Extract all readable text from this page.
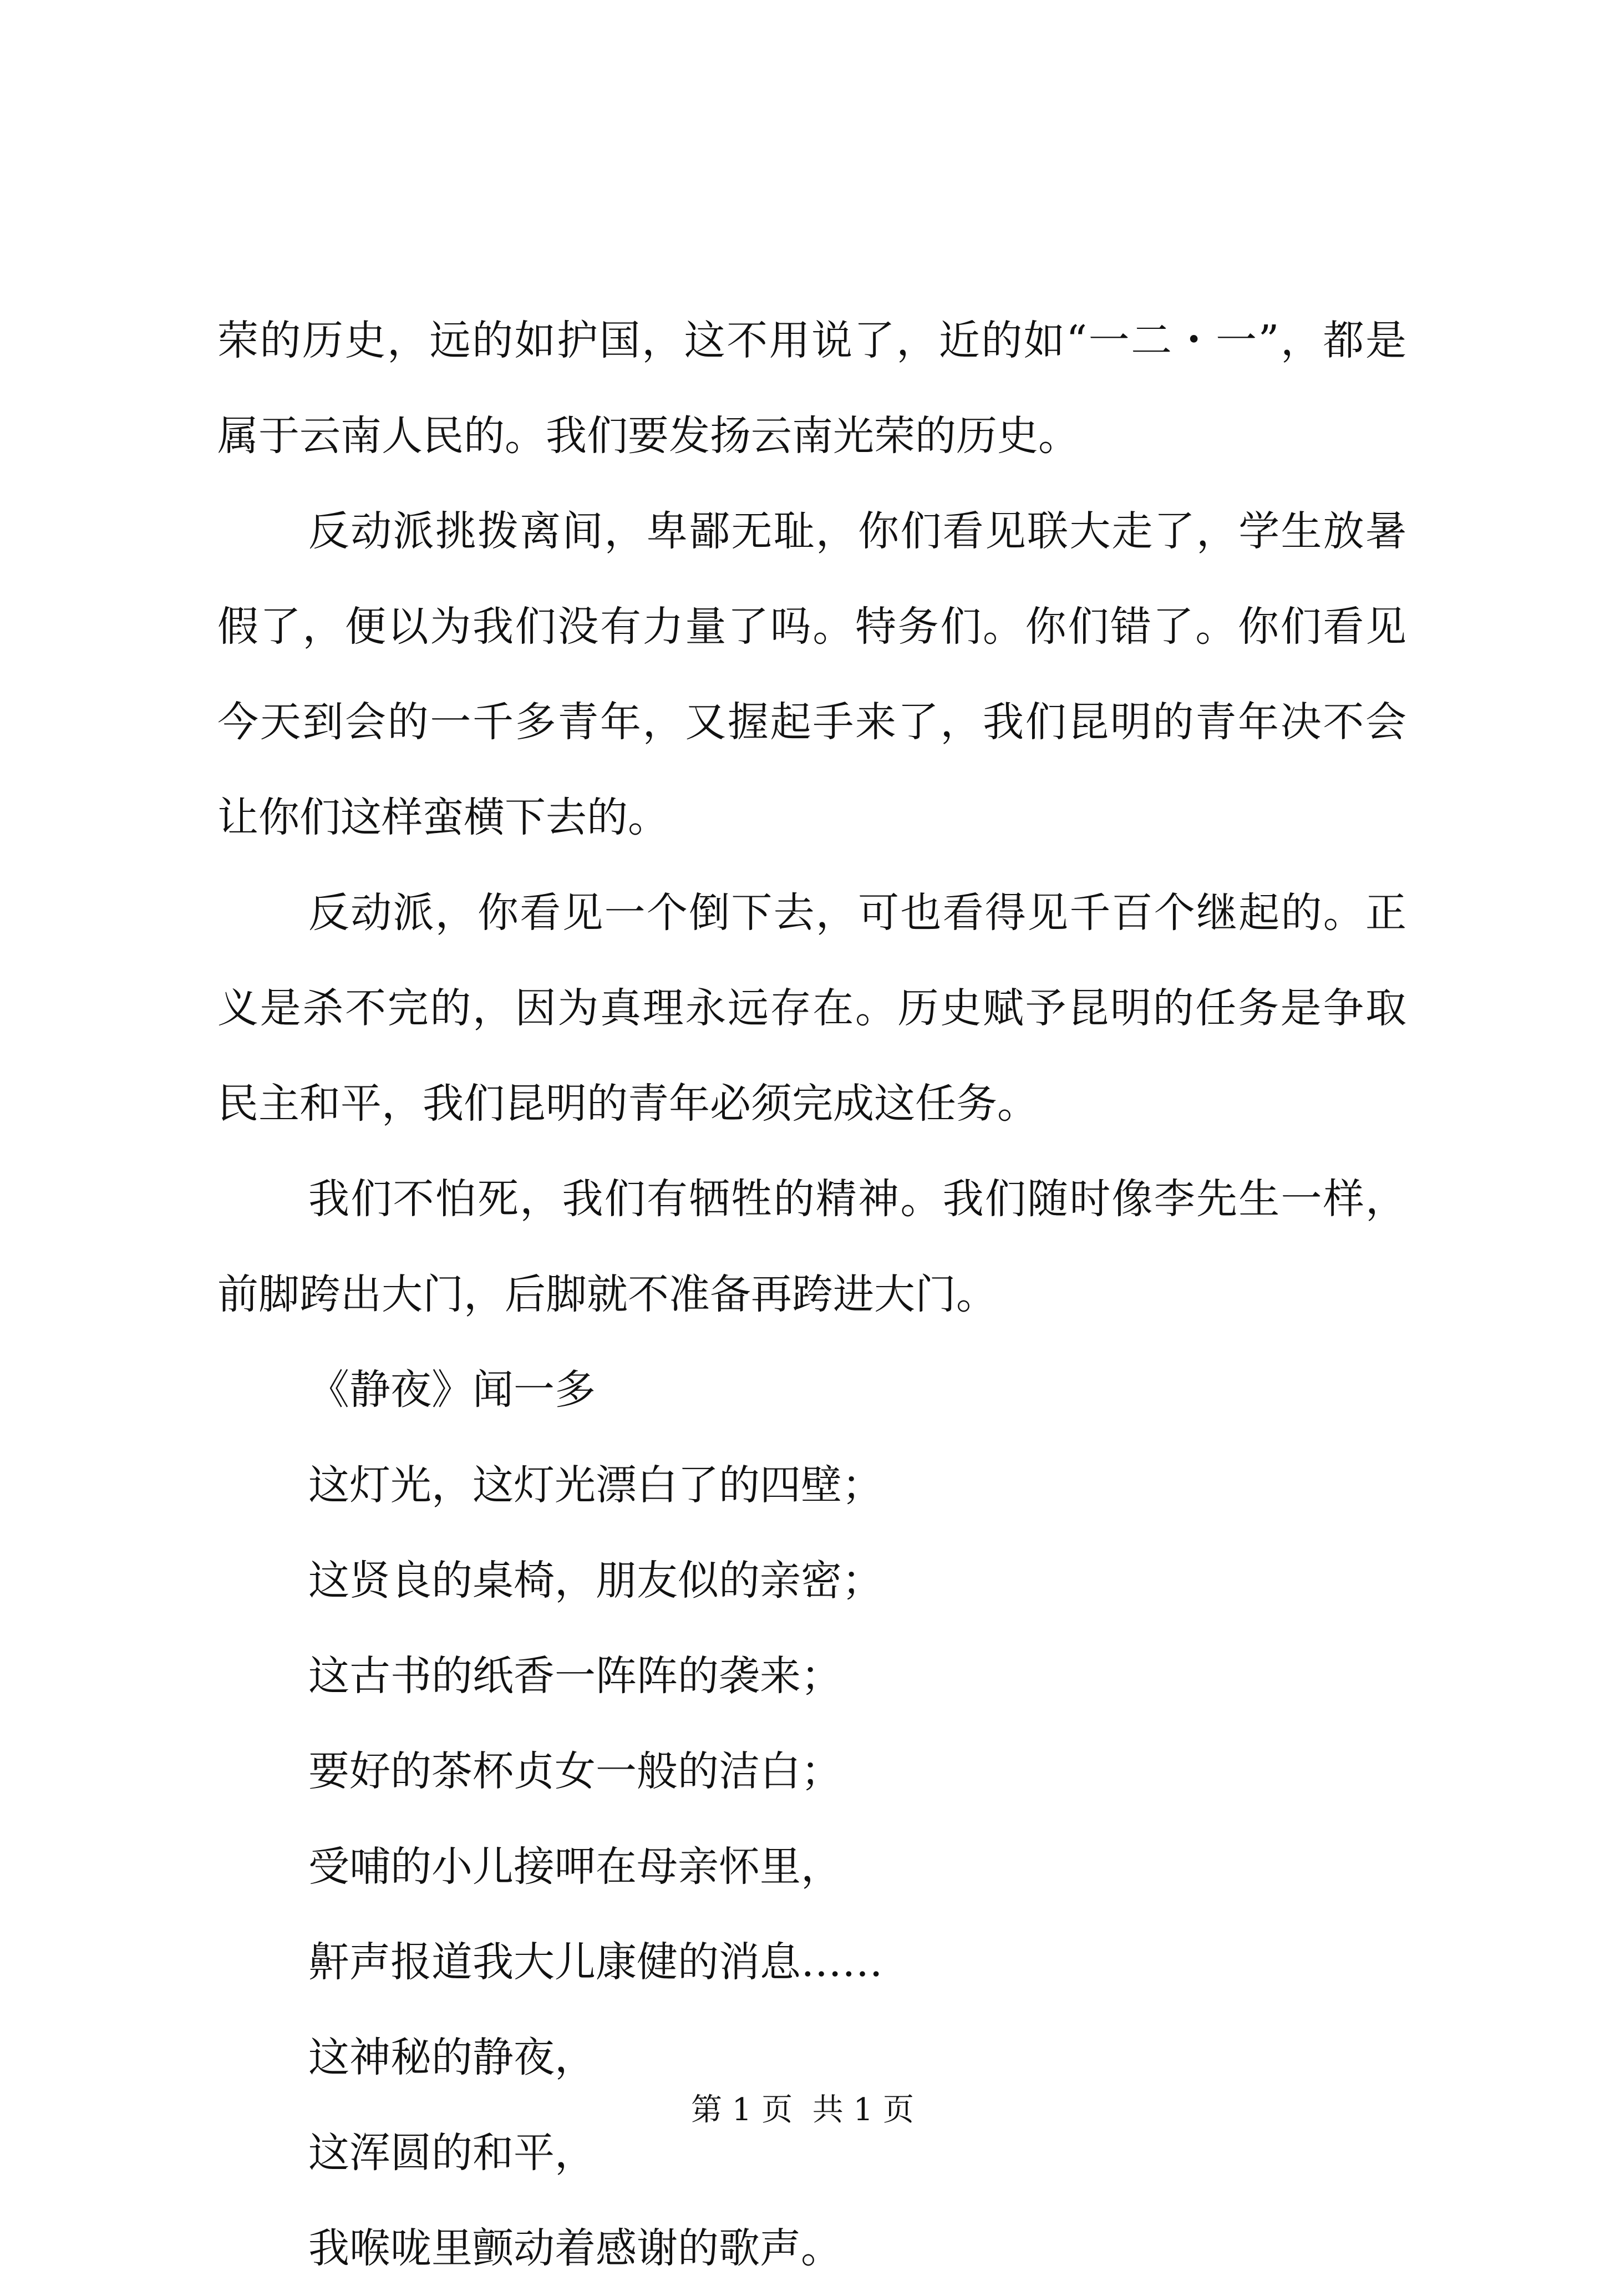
荣的历史，远的如护国，这不用说了，近的如“一二・一”，都是属于云南人民的。我们要发扬云南光荣的历史。

反动派挑拨离间，卑鄙无耻，你们看见联大走了，学生放暑假了，便以为我们没有力量了吗。特务们。你们错了。你们看见今天到会的一千多青年，又握起手来了，我们昆明的青年决不会让你们这样蛮横下去的。

反动派，你看见一个倒下去，可也看得见千百个继起的。正义是杀不完的，因为真理永远存在。历史赋予昆明的任务是争取民主和平，我们昆明的青年必须完成这任务。

我们不怕死，我们有牺牲的精神。我们随时像李先生一样，前脚跨出大门，后脚就不准备再跨进大门。

《静夜》闻一多

这灯光，这灯光漂白了的四壁；

这贤良的桌椅，朋友似的亲密；

这古书的纸香一阵阵的袭来；

要好的茶杯贞女一般的洁白；

受哺的小儿接呷在母亲怀里，

鼾声报道我大儿康健的消息……

这神秘的静夜，

这浑圆的和平，

我喉咙里颤动着感谢的歌声。

第 1 页  共 1 页
